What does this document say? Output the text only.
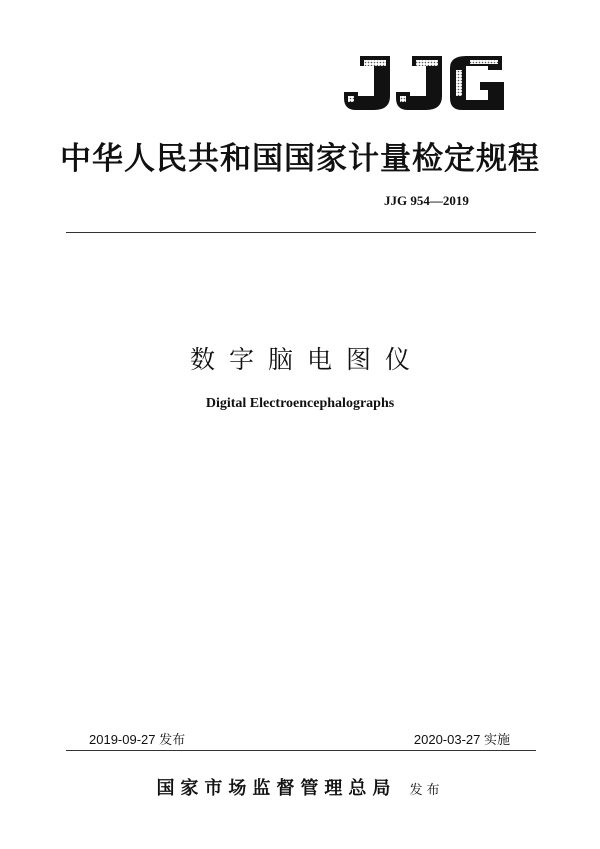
中华人民共和国国家计量检定规程
JJG 954—2019
数字脑电图仪
Digital Electroencephalographs
2019-09-27 发布	2020-03-27 实施
国家市场监督管理总局 发布
